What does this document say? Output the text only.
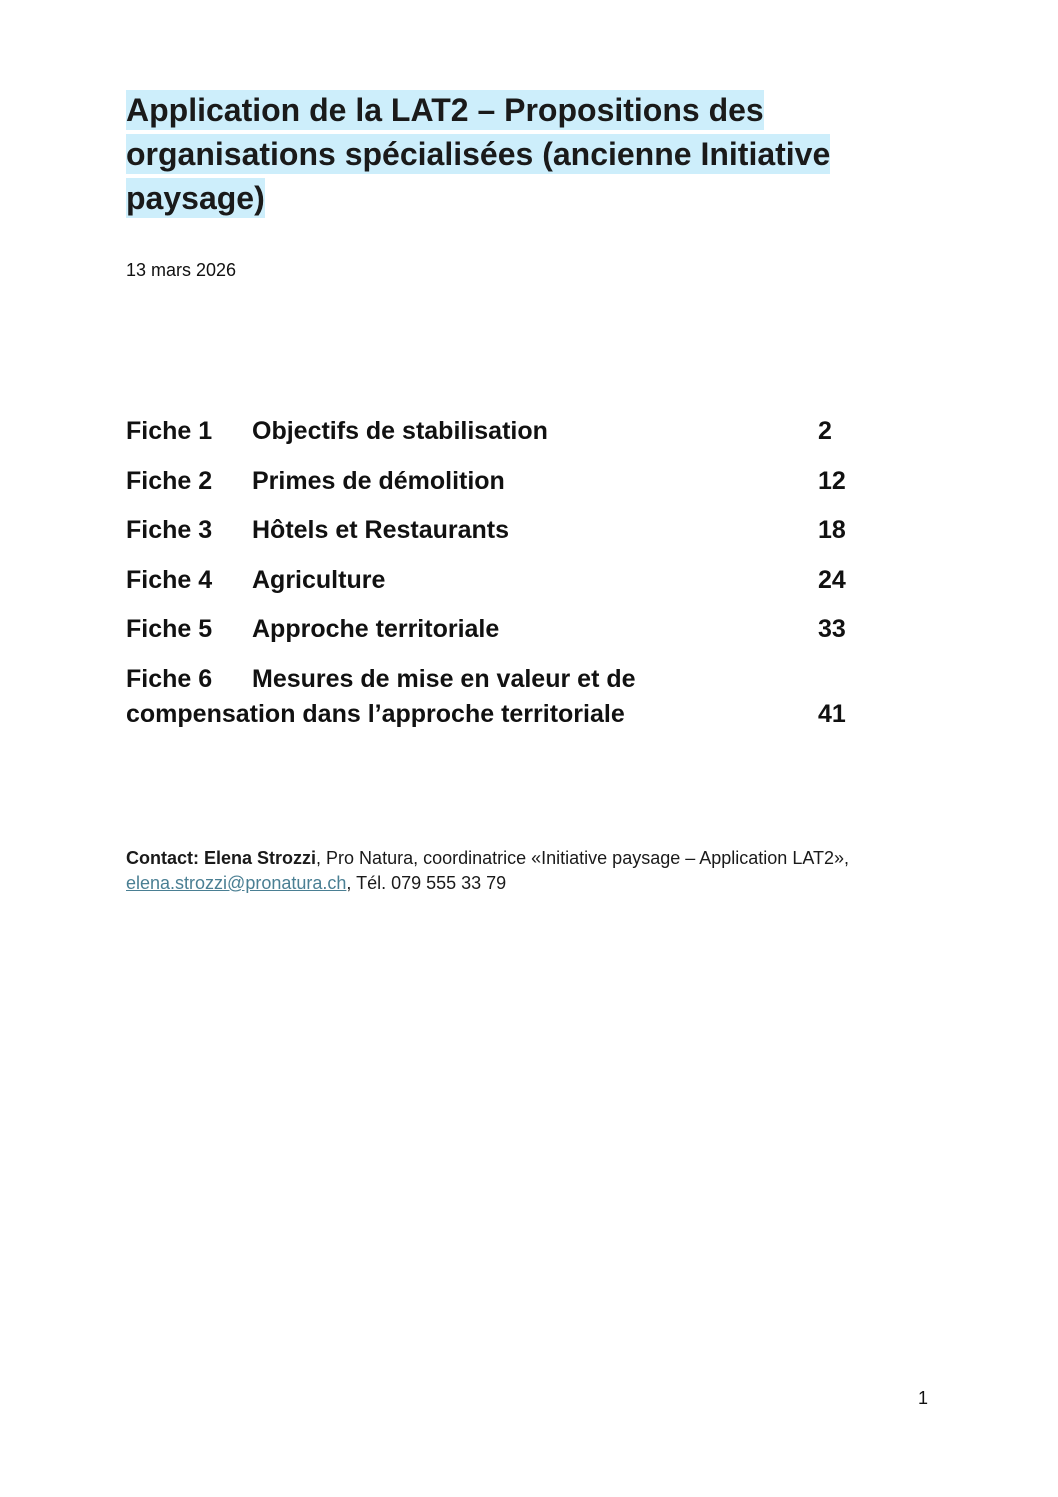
Application de la LAT2 – Propositions des
organisations spécialisées (ancienne Initiative
paysage)
13 mars 2026
Fiche 1 Objectifs de stabilisation	2
Fiche 2 Primes de démolition	12
Fiche 3 Hôtels et Restaurants	18
Fiche 4 Agriculture	24
Fiche 5 Approche territoriale	33
Fiche 6 Mesures de mise en valeur et de
compensation dans l’approche territoriale	41
Contact: Elena Strozzi, Pro Natura, coordinatrice «Initiative paysage – Application LAT2»,
elena.strozzi@pronatura.ch, Tél. 079 555 33 79
1
